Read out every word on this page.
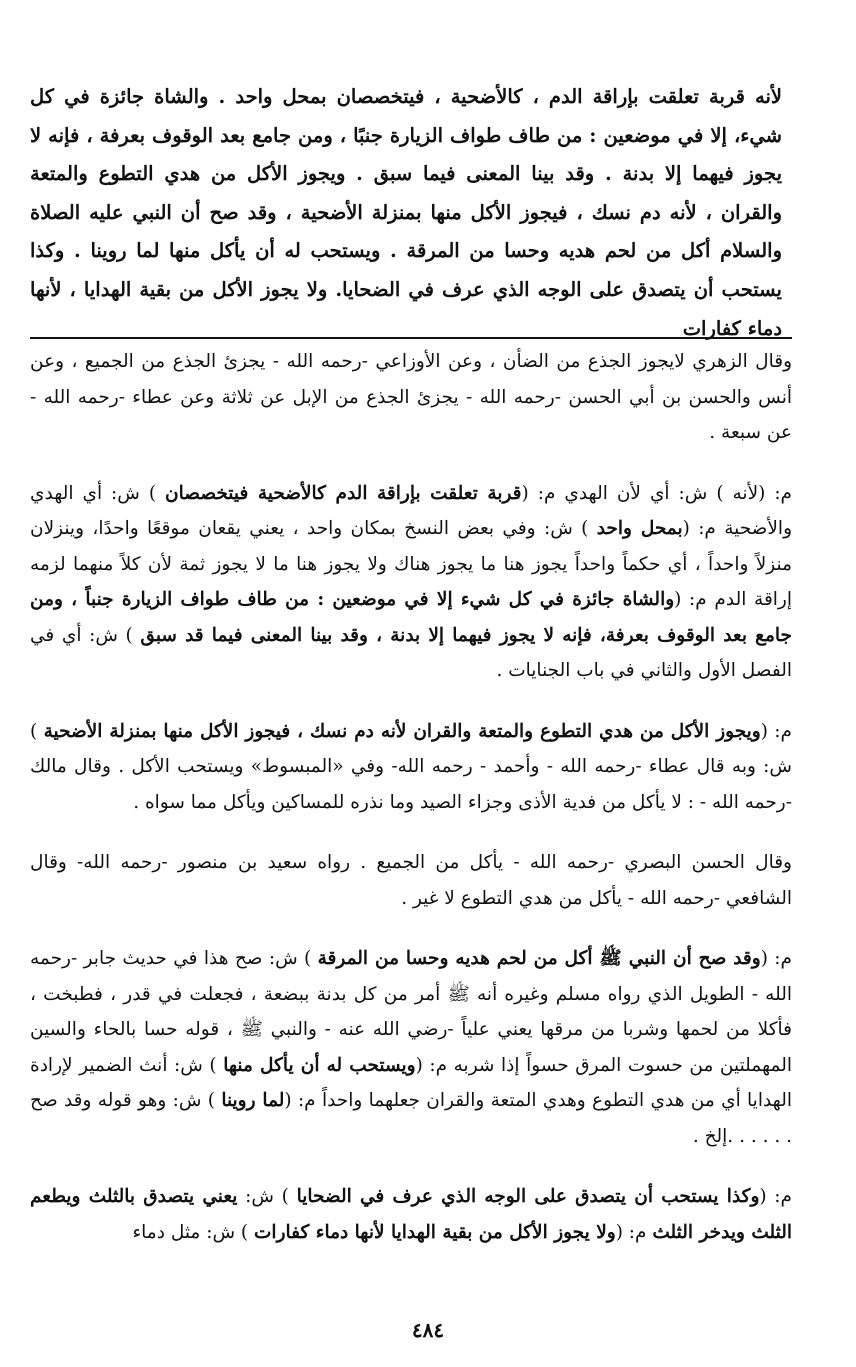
لأنه قربة تعلقت بإراقة الدم ، كالأضحية ، فيتخصصان بمحل واحد . والشاة جائزة في كل شيء، إلا في موضعين : من طاف طواف الزيارة جنبًا ، ومن جامع بعد الوقوف بعرفة ، فإنه لا يجوز فيهما إلا بدنة . وقد بينا المعنى فيما سبق . ويجوز الأكل من هدي التطوع والمتعة والقران ، لأنه دم نسك ، فيجوز الأكل منها بمنزلة الأضحية ، وقد صح أن النبي عليه الصلاة والسلام أكل من لحم هديه وحسا من المرقة . ويستحب له أن يأكل منها لما روينا . وكذا يستحب أن يتصدق على الوجه الذي عرف في الضحايا. ولا يجوز الأكل من بقية الهدايا ، لأنها دماء كفارات

وقال الزهري لايجوز الجذع من الضأن ، وعن الأوزاعي -رحمه الله - يجزئ الجذع من الجميع ، وعن أنس والحسن بن أبي الحسن -رحمه الله - يجزئ الجذع من الإبل عن ثلاثة وعن عطاء -رحمه الله - عن سبعة .

م: (لأنه ) ش: أي لأن الهدي م: (قربة تعلقت بإراقة الدم كالأضحية فيتخصصان ) ش: أي الهدي والأضحية م: (بمحل واحد ) ش: وفي بعض النسخ بمكان واحد ، يعني يقعان موقعًا واحدًا، وينزلان منزلاً واحداً ، أي حكماً واحداً يجوز هنا ما يجوز هناك ولا يجوز هنا ما لا يجوز ثمة لأن كلاً منهما لزمه إراقة الدم م: (والشاة جائزة في كل شيء إلا في موضعين : من طاف طواف الزيارة جنباً ، ومن جامع بعد الوقوف بعرفة، فإنه لا يجوز فيهما إلا بدنة ، وقد بينا المعنى فيما قد سبق ) ش: أي في الفصل الأول والثاني في باب الجنايات .

م: (ويجوز الأكل من هدي التطوع والمتعة والقران لأنه دم نسك ، فيجوز الأكل منها بمنزلة الأضحية ) ش: وبه قال عطاء -رحمه الله - وأحمد - رحمه الله- وفي «المبسوط» ويستحب الأكل . وقال مالك -رحمه الله - : لا يأكل من فدية الأذى وجزاء الصيد وما نذره للمساكين ويأكل مما سواه .

وقال الحسن البصري -رحمه الله - يأكل من الجميع . رواه سعيد بن منصور -رحمه الله- وقال الشافعي -رحمه الله - يأكل من هدي التطوع لا غير .

م: (وقد صح أن النبي ﷺ أكل من لحم هديه وحسا من المرقة ) ش: صح هذا في حديث جابر -رحمه الله - الطويل الذي رواه مسلم وغيره أنه ﷺ أمر من كل بدنة ببضعة ، فجعلت في قدر ، فطبخت ، فأكلا من لحمها وشربا من مرقها يعني علياً -رضي الله عنه - والنبي ﷺ ، قوله حسا بالحاء والسين المهملتين من حسوت المرق حسواً إذا شربه م: (ويستحب له أن يأكل منها ) ش: أنث الضمير لإرادة الهدايا أي من هدي التطوع وهدي المتعة والقران جعلهما واحداً م: (لما روينا ) ش: وهو قوله وقد صح . . . . . .إلخ .

م: (وكذا يستحب أن يتصدق على الوجه الذي عرف في الضحايا ) ش: يعني يتصدق بالثلث ويطعم الثلث ويدخر الثلث م: (ولا يجوز الأكل من بقية الهدايا لأنها دماء كفارات ) ش: مثل دماء

٤٨٤
